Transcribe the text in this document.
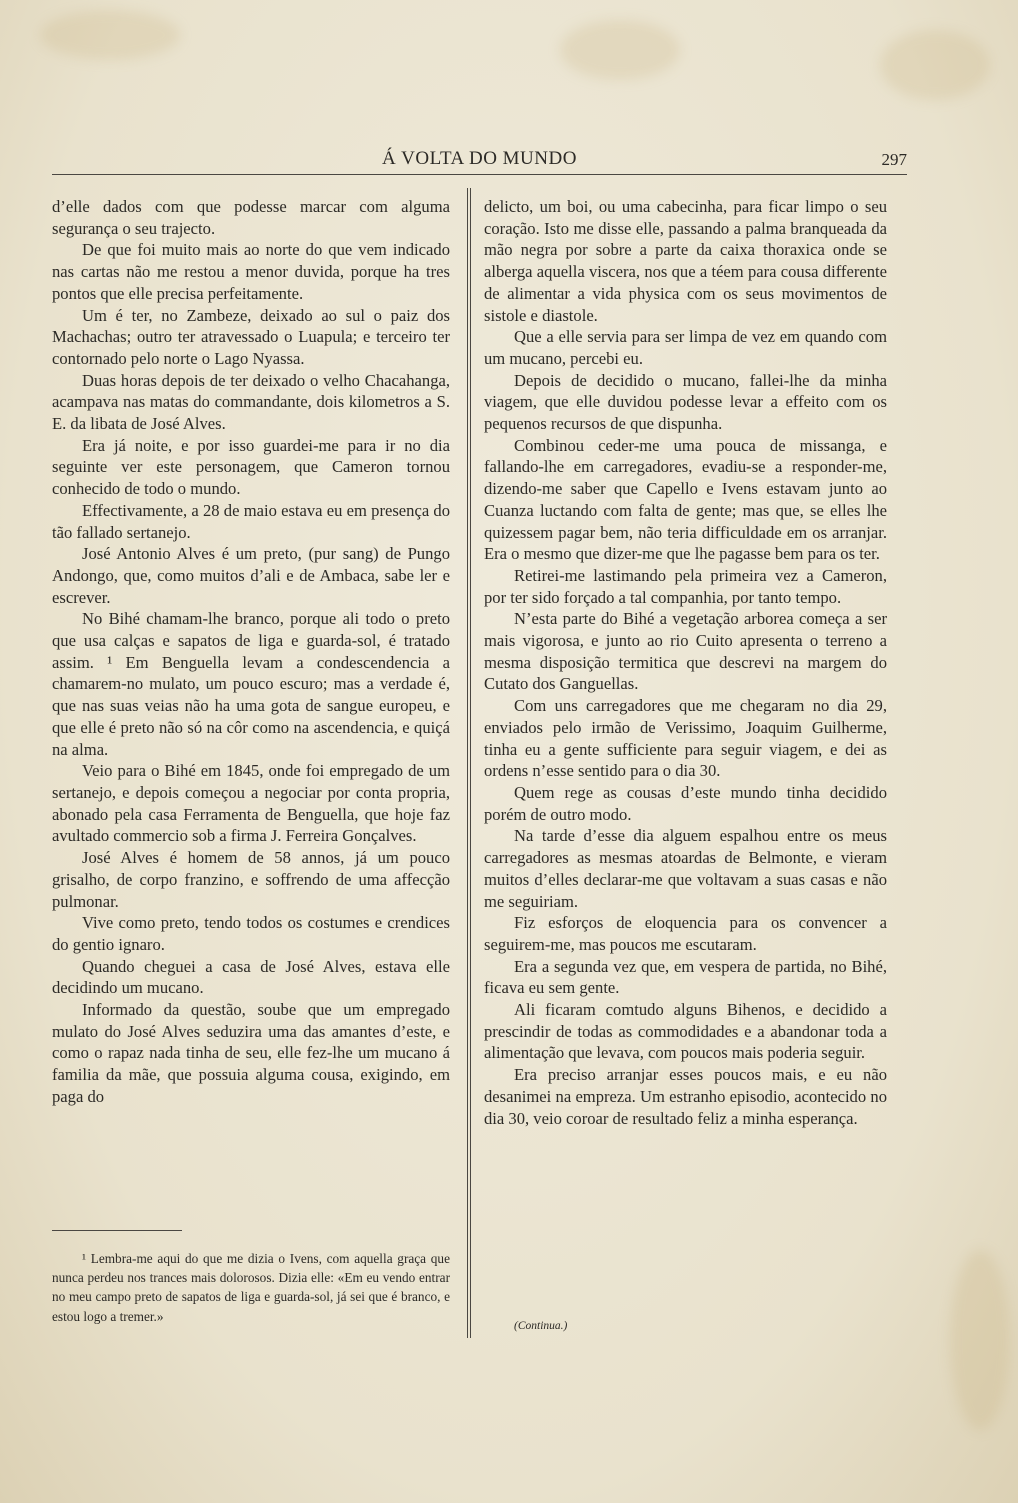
Á VOLTA DO MUNDO	297

d’elle dados com que podesse marcar com alguma segurança o seu trajecto.

De que foi muito mais ao norte do que vem indicado nas cartas não me restou a menor duvida, porque ha tres pontos que elle precisa perfeitamente.

Um é ter, no Zambeze, deixado ao sul o paiz dos Machachas; outro ter atravessado o Luapula; e terceiro ter contornado pelo norte o Lago Nyassa.

Duas horas depois de ter deixado o velho Chacahanga, acampava nas matas do commandante, dois kilometros a S. E. da libata de José Alves.

Era já noite, e por isso guardei-me para ir no dia seguinte ver este personagem, que Cameron tornou conhecido de todo o mundo.

Effectivamente, a 28 de maio estava eu em presença do tão fallado sertanejo.

José Antonio Alves é um preto, (pur sang) de Pungo Andongo, que, como muitos d’ali e de Ambaca, sabe ler e escrever.

No Bihé chamam-lhe branco, porque ali todo o preto que usa calças e sapatos de liga e guarda-sol, é tratado assim. ¹ Em Benguella levam a condescendencia a chamarem-no mulato, um pouco escuro; mas a verdade é, que nas suas veias não ha uma gota de sangue europeu, e que elle é preto não só na côr como na ascendencia, e quiçá na alma.

Veio para o Bihé em 1845, onde foi empregado de um sertanejo, e depois começou a negociar por conta propria, abonado pela casa Ferramenta de Benguella, que hoje faz avultado commercio sob a firma J. Ferreira Gonçalves.

José Alves é homem de 58 annos, já um pouco grisalho, de corpo franzino, e soffrendo de uma affecção pulmonar.

Vive como preto, tendo todos os costumes e crendices do gentio ignaro.

Quando cheguei a casa de José Alves, estava elle decidindo um mucano.

Informado da questão, soube que um empregado mulato do José Alves seduzira uma das amantes d’este, e como o rapaz nada tinha de seu, elle fez-lhe um mucano á familia da mãe, que possuia alguma cousa, exigindo, em paga do

delicto, um boi, ou uma cabecinha, para ficar limpo o seu coração. Isto me disse elle, passando a palma branqueada da mão negra por sobre a parte da caixa thoraxica onde se alberga aquella viscera, nos que a téem para cousa differente de alimentar a vida physica com os seus movimentos de sistole e diastole.

Que a elle servia para ser limpa de vez em quando com um mucano, percebi eu.

Depois de decidido o mucano, fallei-lhe da minha viagem, que elle duvidou podesse levar a effeito com os pequenos recursos de que dispunha.

Combinou ceder-me uma pouca de missanga, e fallando-lhe em carregadores, evadiu-se a responder-me, dizendo-me saber que Capello e Ivens estavam junto ao Cuanza luctando com falta de gente; mas que, se elles lhe quizessem pagar bem, não teria difficuldade em os arranjar. Era o mesmo que dizer-me que lhe pagasse bem para os ter.

Retirei-me lastimando pela primeira vez a Cameron, por ter sido forçado a tal companhia, por tanto tempo.

N’esta parte do Bihé a vegetação arborea começa a ser mais vigorosa, e junto ao rio Cuito apresenta o terreno a mesma disposição termitica que descrevi na margem do Cutato dos Ganguellas.

Com uns carregadores que me chegaram no dia 29, enviados pelo irmão de Verissimo, Joaquim Guilherme, tinha eu a gente sufficiente para seguir viagem, e dei as ordens n’esse sentido para o dia 30.

Quem rege as cousas d’este mundo tinha decidido porém de outro modo.

Na tarde d’esse dia alguem espalhou entre os meus carregadores as mesmas atoardas de Belmonte, e vieram muitos d’elles declarar-me que voltavam a suas casas e não me seguiriam.

Fiz esforços de eloquencia para os convencer a seguirem-me, mas poucos me escutaram.

Era a segunda vez que, em vespera de partida, no Bihé, ficava eu sem gente.

Ali ficaram comtudo alguns Bihenos, e decidido a prescindir de todas as commodidades e a abandonar toda a alimentação que levava, com poucos mais poderia seguir.

Era preciso arranjar esses poucos mais, e eu não desanimei na empreza. Um estranho episodio, acontecido no dia 30, veio coroar de resultado feliz a minha esperança.

¹ Lembra-me aqui do que me dizia o Ivens, com aquella graça que nunca perdeu nos trances mais dolorosos. Dizia elle: «Em eu vendo entrar no meu campo preto de sapatos de liga e guarda-sol, já sei que é branco, e estou logo a tremer.»

(Continua.)
